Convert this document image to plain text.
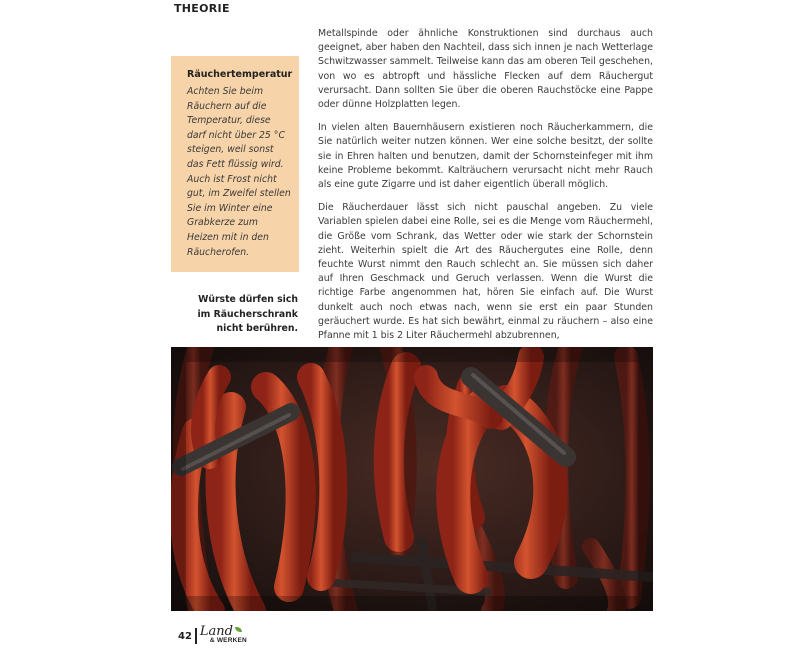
THEORIE
Räuchertemperatur

Achten Sie beim Räuchern auf die Temperatur, diese darf nicht über 25 °C steigen, weil sonst das Fett flüssig wird. Auch ist Frost nicht gut, im Zweifel stellen Sie im Winter eine Grabkerze zum Heizen mit in den Räucherofen.

Würste dürfen sich im Räucherschrank nicht berühren.

Metallspinde oder ähnliche Konstruktionen sind durchaus auch geeignet, aber haben den Nachteil, dass sich innen je nach Wetterlage Schwitzwasser sammelt. Teilweise kann das am oberen Teil geschehen, von wo es abtropft und hässliche Flecken auf dem Räuchergut verursacht. Dann sollten Sie über die oberen Rauchstöcke eine Pappe oder dünne Holzplatten legen.

In vielen alten Bauernhäusern existieren noch Räucherkammern, die Sie natürlich weiter nutzen können. Wer eine solche besitzt, der sollte sie in Ehren halten und benutzen, damit der Schornsteinfeger mit ihm keine Probleme bekommt. Kalträuchern verursacht nicht mehr Rauch als eine gute Zigarre und ist daher eigentlich überall möglich.

Die Räucherdauer lässt sich nicht pauschal angeben. Zu viele Variablen spielen dabei eine Rolle, sei es die Menge vom Räuchermehl, die Größe vom Schrank, das Wetter oder wie stark der Schornstein zieht. Weiterhin spielt die Art des Räuchergutes eine Rolle, denn feuchte Wurst nimmt den Rauch schlecht an. Sie müssen sich daher auf Ihren Geschmack und Geruch verlassen. Wenn die Wurst die richtige Farbe angenommen hat, hören Sie einfach auf. Die Wurst dunkelt auch noch etwas nach, wenn sie erst ein paar Stunden geräuchert wurde. Es hat sich bewährt, einmal zu räuchern – also eine Pfanne mit 1 bis 2 Liter Räuchermehl abzubrennen,

42 Land
& WERKEN
